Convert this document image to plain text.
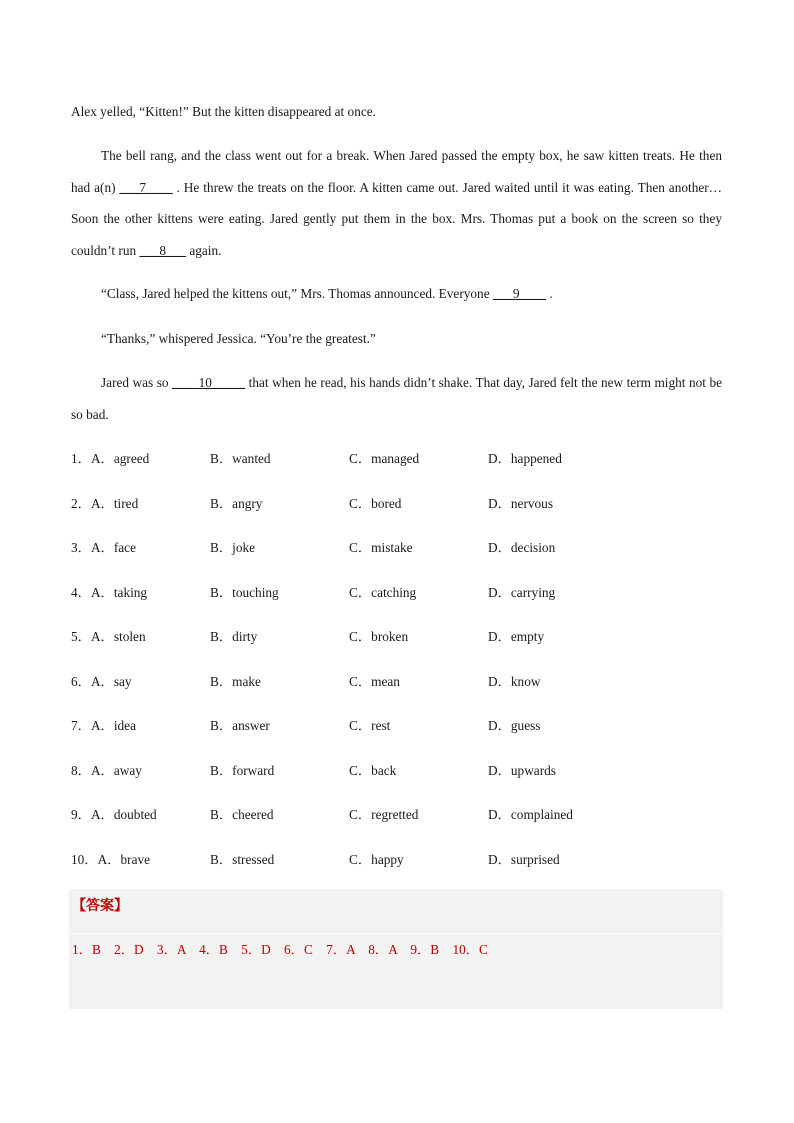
Alex yelled, “Kitten!” But the kitten disappeared at once.
The bell rang, and the class went out for a break. When Jared passed the empty box, he saw kitten treats. He then had a(n) ___7____ . He threw the treats on the floor. A kitten came out. Jared waited until it was eating. Then another… Soon the other kittens were eating. Jared gently put them in the box. Mrs. Thomas put a book on the screen so they couldn’t run ___8___ again.
“Class, Jared helped the kittens out,” Mrs. Thomas announced. Everyone ___9____ .
“Thanks,” whispered Jessica. “You’re the greatest.”
Jared was so ____10_____ that when he read, his hands didn’t shake. That day, Jared felt the new term might not be so bad.

1．A．agreed

	B．wanted

	C．managed

	D．happened

2．A．tired

	B．angry

	C．bored

	D．nervous

3．A．face

	B．joke

	C．mistake

	D．decision

4．A．taking

	B．touching

	C．catching

	D．carrying

5．A．stolen

	B．dirty

	C．broken

	D．empty

6．A．say

	B．make

	C．mean

	D．know

7．A．idea

	B．answer

	C．rest

	D．guess

8．A．away

	B．forward

	C．back

	D．upwards

9．A．doubted

	B．cheered

	C．regretted

	D．complained

10．A．brave

	B．stressed

	C．happy

	D．surprised

【答案】
1．B　2．D　3．A　4．B　5．D　6．C　7．A　8．A　9．B　10．C
